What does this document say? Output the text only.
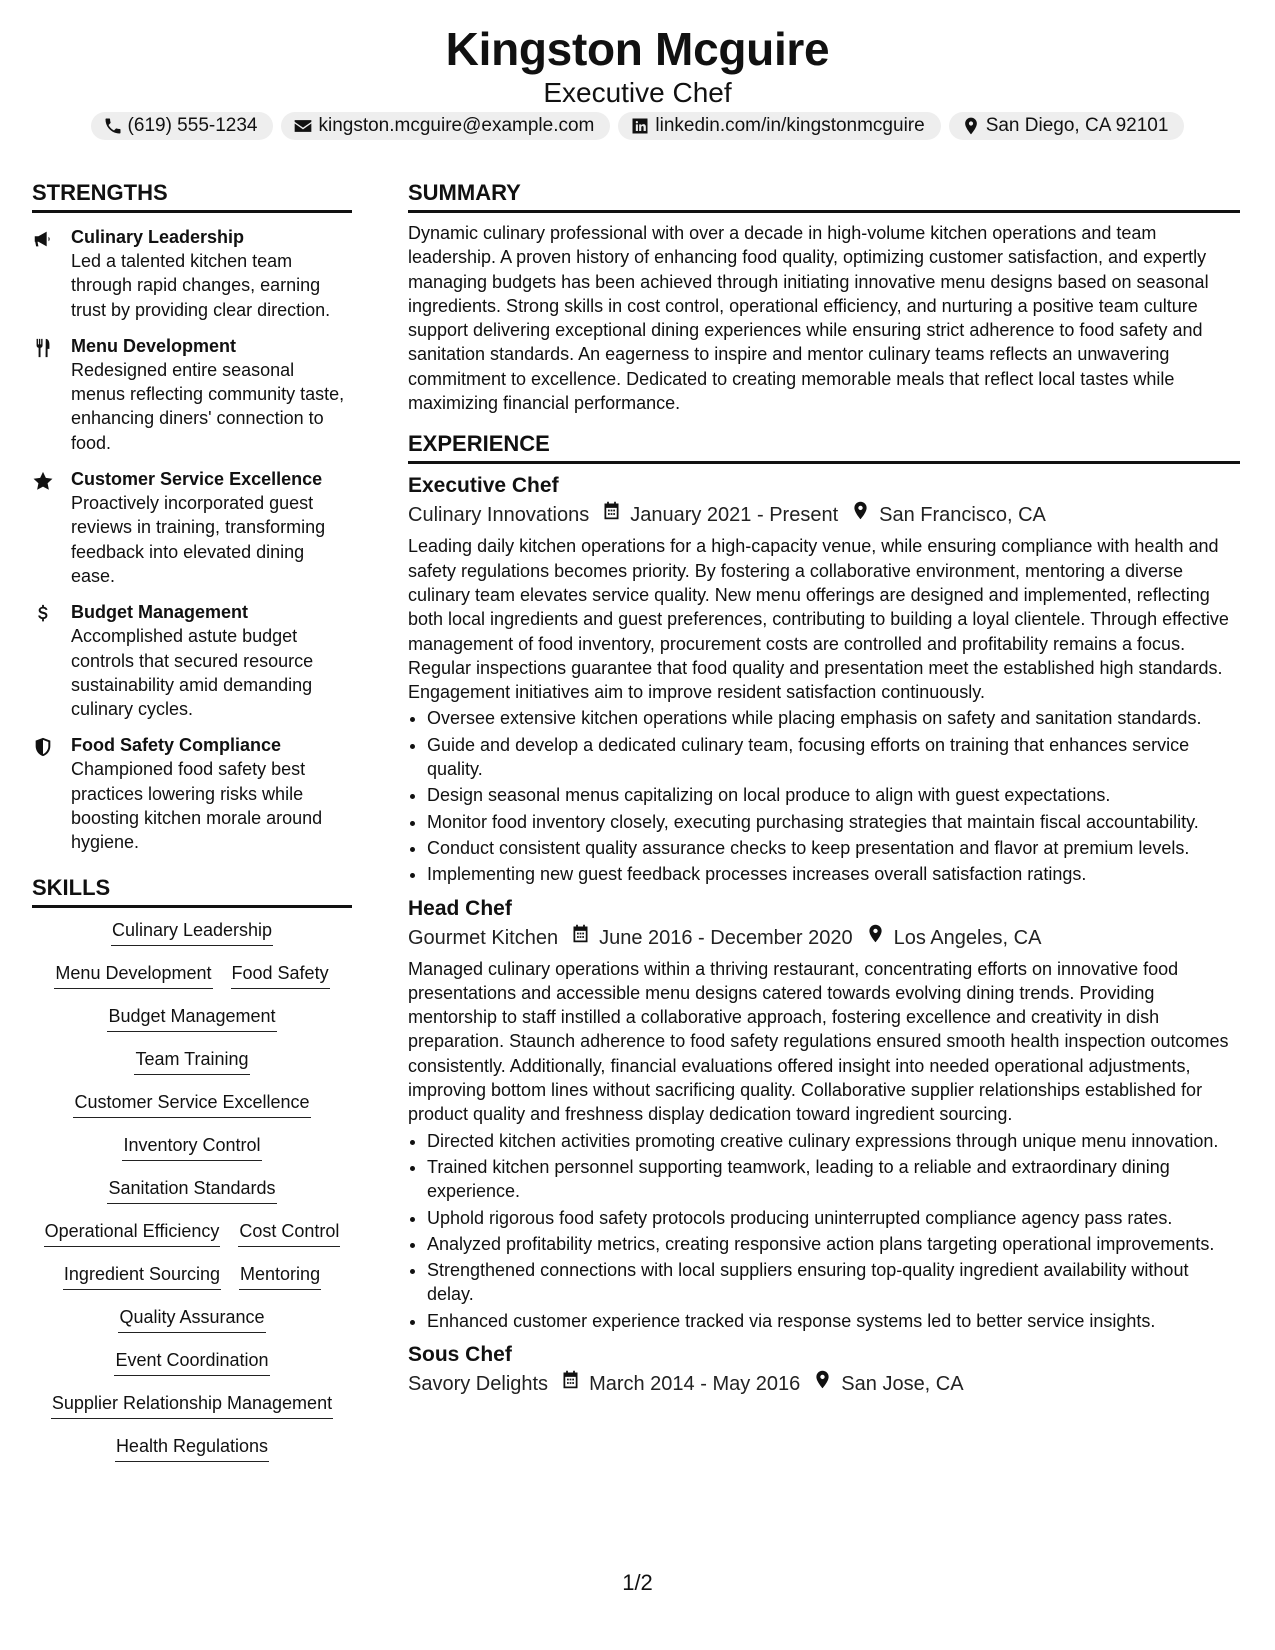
Kingston Mcguire
Executive Chef
(619) 555-1234	kingston.mcguire@example.com	linkedin.com/in/kingstonmcguire	San Diego, CA 92101
STRENGTHS
Culinary Leadership
Led a talented kitchen team through rapid changes, earning trust by providing clear direction.
Menu Development
Redesigned entire seasonal menus reflecting community taste, enhancing diners' connection to food.
Customer Service Excellence
Proactively incorporated guest reviews in training, transforming feedback into elevated dining ease.
Budget Management
Accomplished astute budget controls that secured resource sustainability amid demanding culinary cycles.
Food Safety Compliance
Championed food safety best practices lowering risks while boosting kitchen morale around hygiene.
SKILLS
Culinary Leadership
Menu Development Food Safety
Budget Management
Team Training
Customer Service Excellence
Inventory Control
Sanitation Standards
Operational Efficiency Cost Control
Ingredient Sourcing Mentoring
Quality Assurance
Event Coordination
Supplier Relationship Management
Health Regulations
SUMMARY
Dynamic culinary professional with over a decade in high-volume kitchen operations and team leadership. A proven history of enhancing food quality, optimizing customer satisfaction, and expertly managing budgets has been achieved through initiating innovative menu designs based on seasonal ingredients. Strong skills in cost control, operational efficiency, and nurturing a positive team culture support delivering exceptional dining experiences while ensuring strict adherence to food safety and sanitation standards. An eagerness to inspire and mentor culinary teams reflects an unwavering commitment to excellence. Dedicated to creating memorable meals that reflect local tastes while maximizing financial performance.
EXPERIENCE
Executive Chef
Culinary Innovations January 2021 - Present San Francisco, CA
Leading daily kitchen operations for a high-capacity venue, while ensuring compliance with health and safety regulations becomes priority. By fostering a collaborative environment, mentoring a diverse culinary team elevates service quality. New menu offerings are designed and implemented, reflecting both local ingredients and guest preferences, contributing to building a loyal clientele. Through effective management of food inventory, procurement costs are controlled and profitability remains a focus. Regular inspections guarantee that food quality and presentation meet the established high standards. Engagement initiatives aim to improve resident satisfaction continuously.
• Oversee extensive kitchen operations while placing emphasis on safety and sanitation standards.
• Guide and develop a dedicated culinary team, focusing efforts on training that enhances service quality.
• Design seasonal menus capitalizing on local produce to align with guest expectations.
• Monitor food inventory closely, executing purchasing strategies that maintain fiscal accountability.
• Conduct consistent quality assurance checks to keep presentation and flavor at premium levels.
• Implementing new guest feedback processes increases overall satisfaction ratings.
Head Chef
Gourmet Kitchen June 2016 - December 2020 Los Angeles, CA
Managed culinary operations within a thriving restaurant, concentrating efforts on innovative food presentations and accessible menu designs catered towards evolving dining trends. Providing mentorship to staff instilled a collaborative approach, fostering excellence and creativity in dish preparation. Staunch adherence to food safety regulations ensured smooth health inspection outcomes consistently. Additionally, financial evaluations offered insight into needed operational adjustments, improving bottom lines without sacrificing quality. Collaborative supplier relationships established for product quality and freshness display dedication toward ingredient sourcing.
• Directed kitchen activities promoting creative culinary expressions through unique menu innovation.
• Trained kitchen personnel supporting teamwork, leading to a reliable and extraordinary dining experience.
• Uphold rigorous food safety protocols producing uninterrupted compliance agency pass rates.
• Analyzed profitability metrics, creating responsive action plans targeting operational improvements.
• Strengthened connections with local suppliers ensuring top-quality ingredient availability without delay.
• Enhanced customer experience tracked via response systems led to better service insights.
Sous Chef
Savory Delights March 2014 - May 2016 San Jose, CA
1/2
